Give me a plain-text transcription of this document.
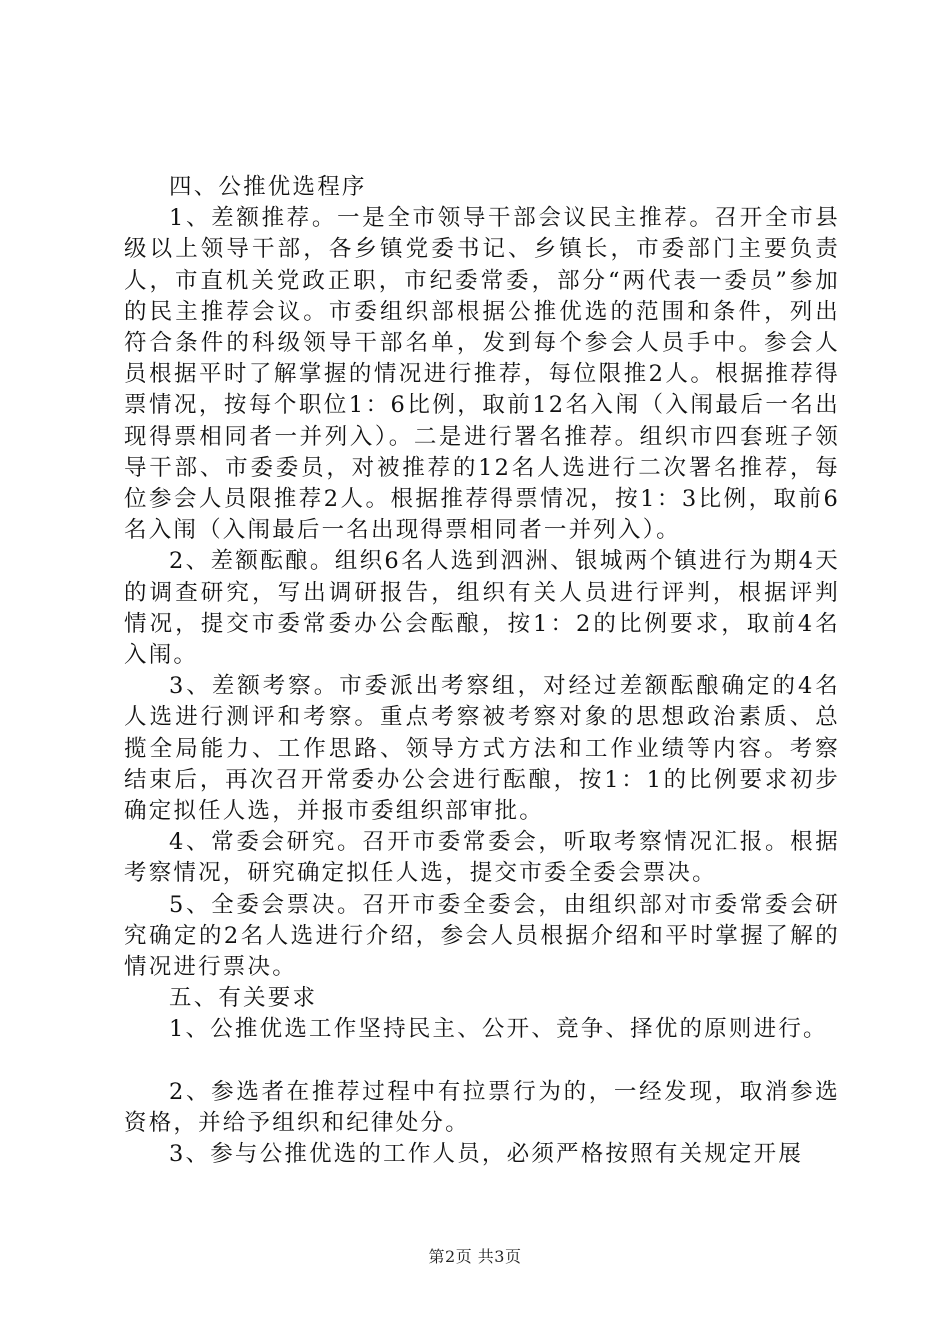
四、公推优选程序

1、差额推荐。一是全市领导干部会议民主推荐。召开全市县级以上领导干部，各乡镇党委书记、乡镇长，市委部门主要负责人，市直机关党政正职，市纪委常委，部分“两代表一委员”参加的民主推荐会议。市委组织部根据公推优选的范围和条件，列出符合条件的科级领导干部名单，发到每个参会人员手中。参会人员根据平时了解掌握的情况进行推荐，每位限推2人。根据推荐得票情况，按每个职位1：6比例，取前12名入闱（入闱最后一名出现得票相同者一并列入）。二是进行署名推荐。组织市四套班子领导干部、市委委员，对被推荐的12名人选进行二次署名推荐，每位参会人员限推荐2人。根据推荐得票情况，按1：3比例，取前6名入闱（入闱最后一名出现得票相同者一并列入）。

2、差额酝酿。组织6名人选到泗洲、银城两个镇进行为期4天的调查研究，写出调研报告，组织有关人员进行评判，根据评判情况，提交市委常委办公会酝酿，按1：2的比例要求，取前4名入闱。

3、差额考察。市委派出考察组，对经过差额酝酿确定的4名人选进行测评和考察。重点考察被考察对象的思想政治素质、总揽全局能力、工作思路、领导方式方法和工作业绩等内容。考察结束后，再次召开常委办公会进行酝酿，按1：1的比例要求初步确定拟任人选，并报市委组织部审批。

4、常委会研究。召开市委常委会，听取考察情况汇报。根据考察情况，研究确定拟任人选，提交市委全委会票决。

5、全委会票决。召开市委全委会，由组织部对市委常委会研究确定的2名人选进行介绍，参会人员根据介绍和平时掌握了解的情况进行票决。

五、有关要求

1、公推优选工作坚持民主、公开、竞争、择优的原则进行。

2、参选者在推荐过程中有拉票行为的，一经发现，取消参选资格，并给予组织和纪律处分。

3、参与公推优选的工作人员，必须严格按照有关规定开展

第2页 共3页
